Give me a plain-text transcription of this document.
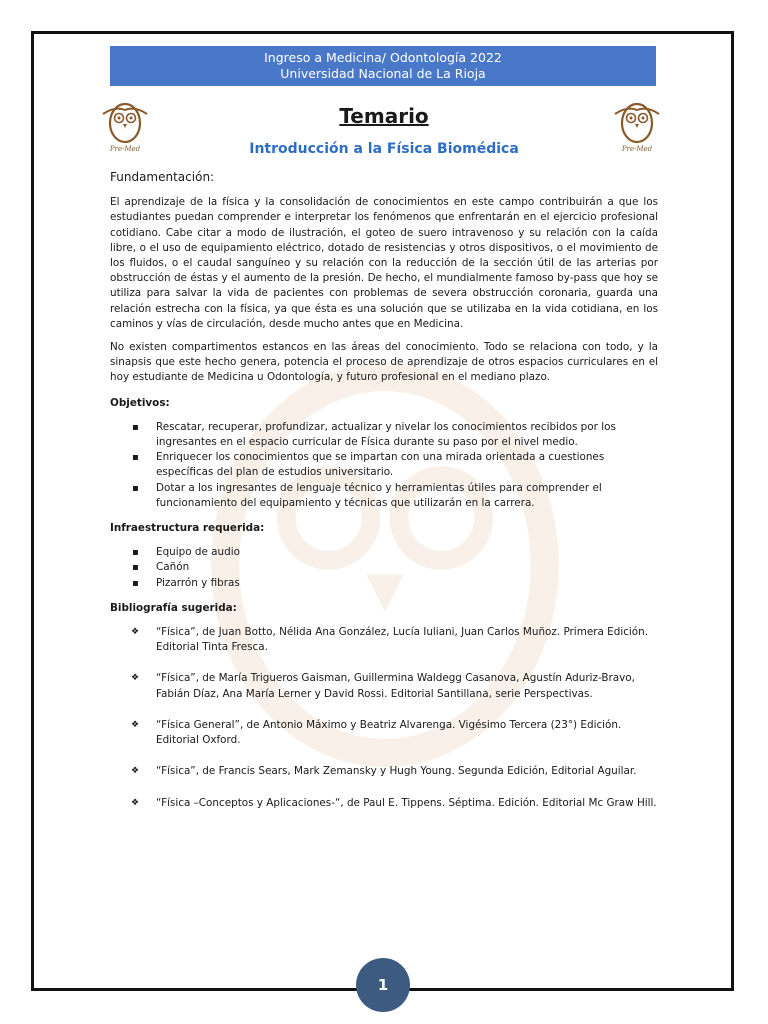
Ingreso a Medicina/ Odontología 2022
Universidad Nacional de La Rioja
Pre-Med	Pre-Med
Temario
Introducción a la Física Biomédica
Fundamentación:

El aprendizaje de la física y la consolidación de conocimientos en este campo contribuirán a que los estudiantes puedan comprender e interpretar los fenómenos que enfrentarán en el ejercicio profesional cotidiano. Cabe citar a modo de ilustración, el goteo de suero intravenoso y su relación con la caída libre, o el uso de equipamiento eléctrico, dotado de resistencias y otros dispositivos, o el movimiento de los fluidos, o el caudal sanguíneo y su relación con la reducción de la sección útil de las arterias por obstrucción de éstas y el aumento de la presión. De hecho, el mundialmente famoso by-pass que hoy se utiliza para salvar la vida de pacientes con problemas de severa obstrucción coronaria, guarda una relación estrecha con la física, ya que ésta es una solución que se utilizaba en la vida cotidiana, en los caminos y vías de circulación, desde mucho antes que en Medicina.

No existen compartimentos estancos en las áreas del conocimiento. Todo se relaciona con todo, y la sinapsis que este hecho genera, potencia el proceso de aprendizaje de otros espacios curriculares en el hoy estudiante de Medicina u Odontología, y futuro profesional en el mediano plazo.

Objetivos:
▪ Rescatar, recuperar, profundizar, actualizar y nivelar los conocimientos recibidos por los ingresantes en el espacio curricular de Física durante su paso por el nivel medio.
▪ Enriquecer los conocimientos que se impartan con una mirada orientada a cuestiones específicas del plan de estudios universitario.
▪ Dotar a los ingresantes de lenguaje técnico y herramientas útiles para comprender el funcionamiento del equipamiento y técnicas que utilizarán en la carrera.
Infraestructura requerida:
▪ Equipo de audio
▪ Cañón
▪ Pizarrón y fibras
Bibliografía sugerida:
❖ “Física”, de Juan Botto, Nélida Ana González, Lucía Iuliani, Juan Carlos Muñoz. Primera Edición. Editorial Tinta Fresca.
❖ “Física”, de María Trigueros Gaisman, Guillermina Waldegg Casanova, Agustín Aduriz-Bravo, Fabián Díaz, Ana María Lerner y David Rossi. Editorial Santillana, serie Perspectivas.
❖ “Física General”, de Antonio Máximo y Beatriz Alvarenga. Vigésimo Tercera (23°) Edición. Editorial Oxford.
❖ “Física”, de Francis Sears, Mark Zemansky y Hugh Young. Segunda Edición, Editorial Aguilar.
❖ “Física –Conceptos y Aplicaciones-“, de Paul E. Tippens. Séptima. Edición. Editorial Mc Graw Hill.
1
